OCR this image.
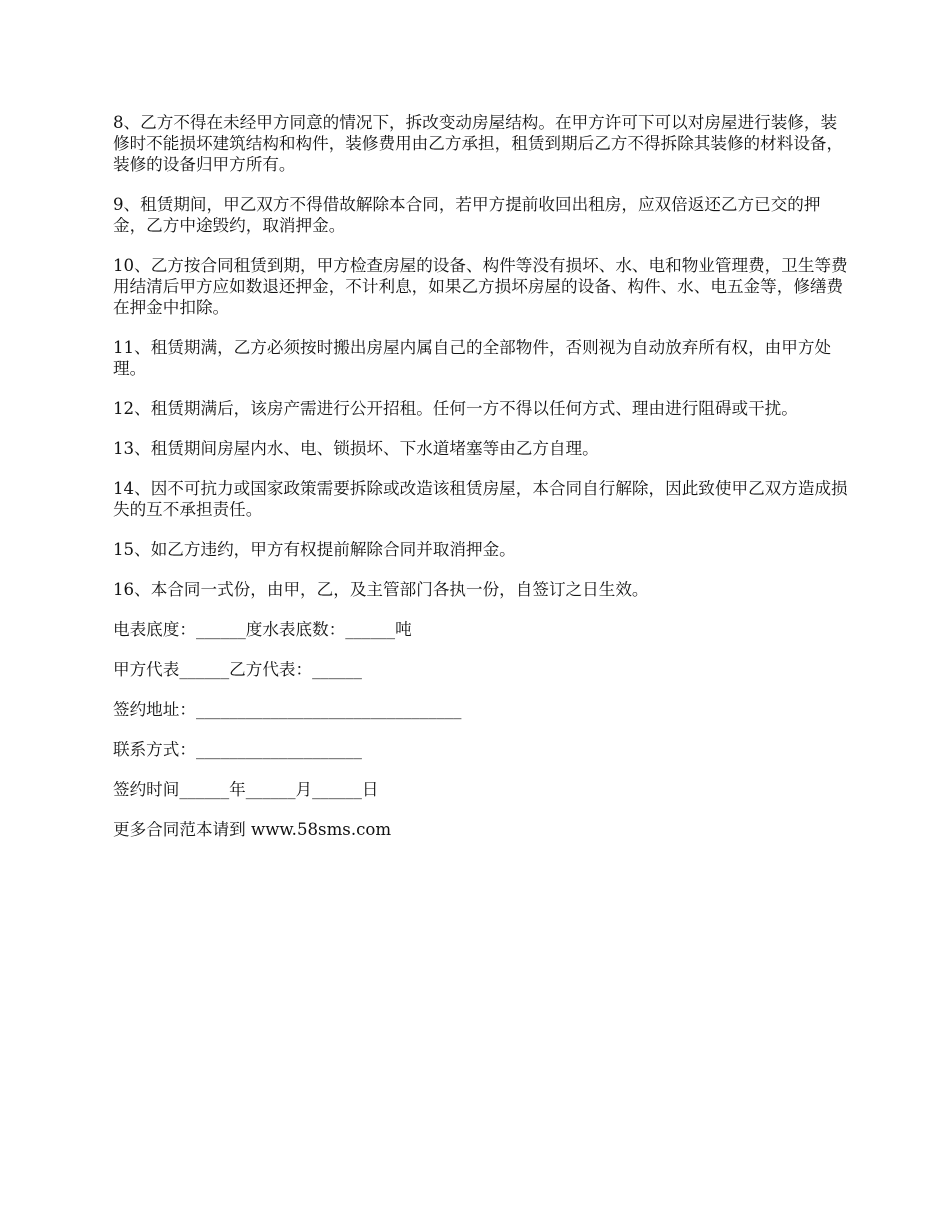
8、乙方不得在未经甲方同意的情况下，拆改变动房屋结构。在甲方许可下可以对房屋进行装修，装修时不能损坏建筑结构和构件，装修费用由乙方承担，租赁到期后乙方不得拆除其装修的材料设备，装修的设备归甲方所有。

9、租赁期间，甲乙双方不得借故解除本合同，若甲方提前收回出租房，应双倍返还乙方已交的押金，乙方中途毁约，取消押金。

10、乙方按合同租赁到期，甲方检查房屋的设备、构件等没有损坏、水、电和物业管理费，卫生等费用结清后甲方应如数退还押金，不计利息，如果乙方损坏房屋的设备、构件、水、电五金等，修缮费在押金中扣除。

11、租赁期满，乙方必须按时搬出房屋内属自己的全部物件，否则视为自动放弃所有权，由甲方处理。

12、租赁期满后，该房产需进行公开招租。任何一方不得以任何方式、理由进行阻碍或干扰。

13、租赁期间房屋内水、电、锁损坏、下水道堵塞等由乙方自理。

14、因不可抗力或国家政策需要拆除或改造该租赁房屋，本合同自行解除，因此致使甲乙双方造成损失的互不承担责任。

15、如乙方违约，甲方有权提前解除合同并取消押金。

16、本合同一式份，由甲，乙，及主管部门各执一份，自签订之日生效。

电表底度：______度水表底数：______吨

甲方代表______乙方代表：______

签约地址：________________________________

联系方式：____________________

签约时间______年______月______日

更多合同范本请到 www.58sms.com
